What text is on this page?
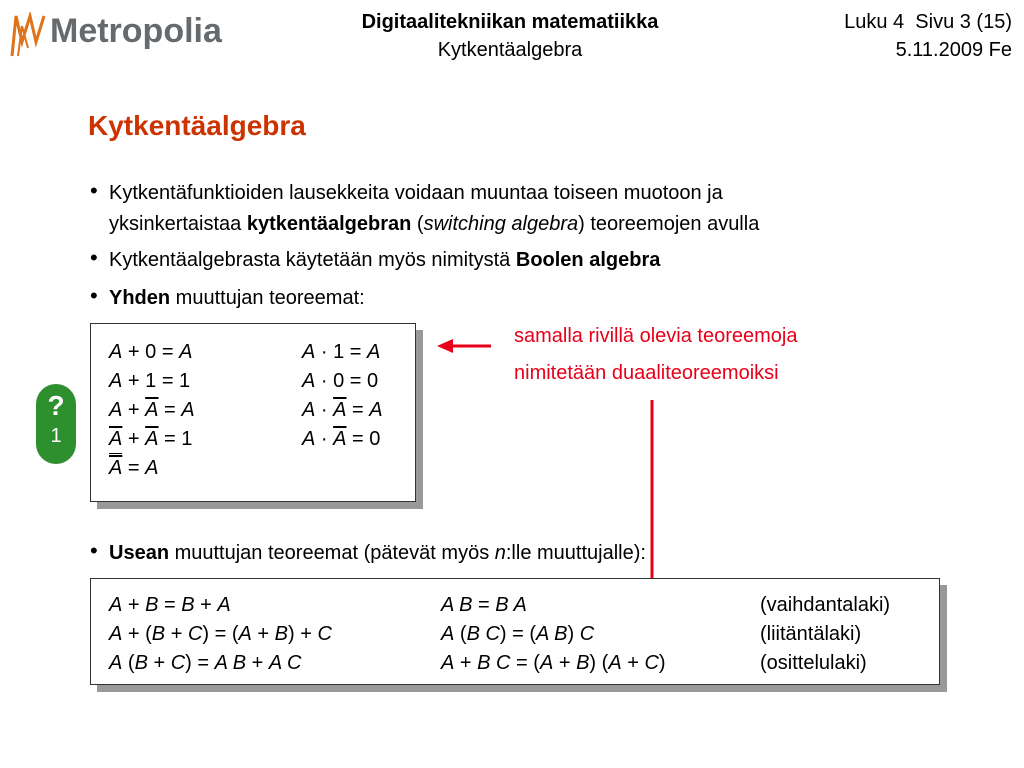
Metropolia	Digitaalitekniikan matematiikka
Kytkentäalgebra
Luku 4  Sivu 3 (15)
5.11.2009 Fe
Kytkentäalgebra
• Kytkentäfunktioiden lausekkeita voidaan muuntaa toiseen muotoon ja
yksinkertaistaa kytkentäalgebran (switching algebra) teoreemojen avulla
• Kytkentäalgebrasta käytetään myös nimitystä Boolen algebra
• Yhden muuttujan teoreemat:
A + 0 = A
A + 1 = 1
$A + \overline{A} = A$
$\overline{A} + \overline{A} = 1$
$\overline{A} = A$
A · 1 = A
A · 0 = 0
$A \cdot \overline{A} = A$
$A \cdot \overline{A} = 0$
?
1
samalla rivillä olevia teoreemoja
nimitetään duaaliteoreemoiksi
• Usean muuttujan teoreemat (pätevät myös n:lle muuttujalle):
A + B = B + A
A + (B + C) = (A + B) + C
A (B + C) = A B + A C
A B = B A
A (B C) = (A B) C
A + B C = (A + B) (A + C)
(vaihdantalaki)
(liitäntälaki)
(osittelulaki)
